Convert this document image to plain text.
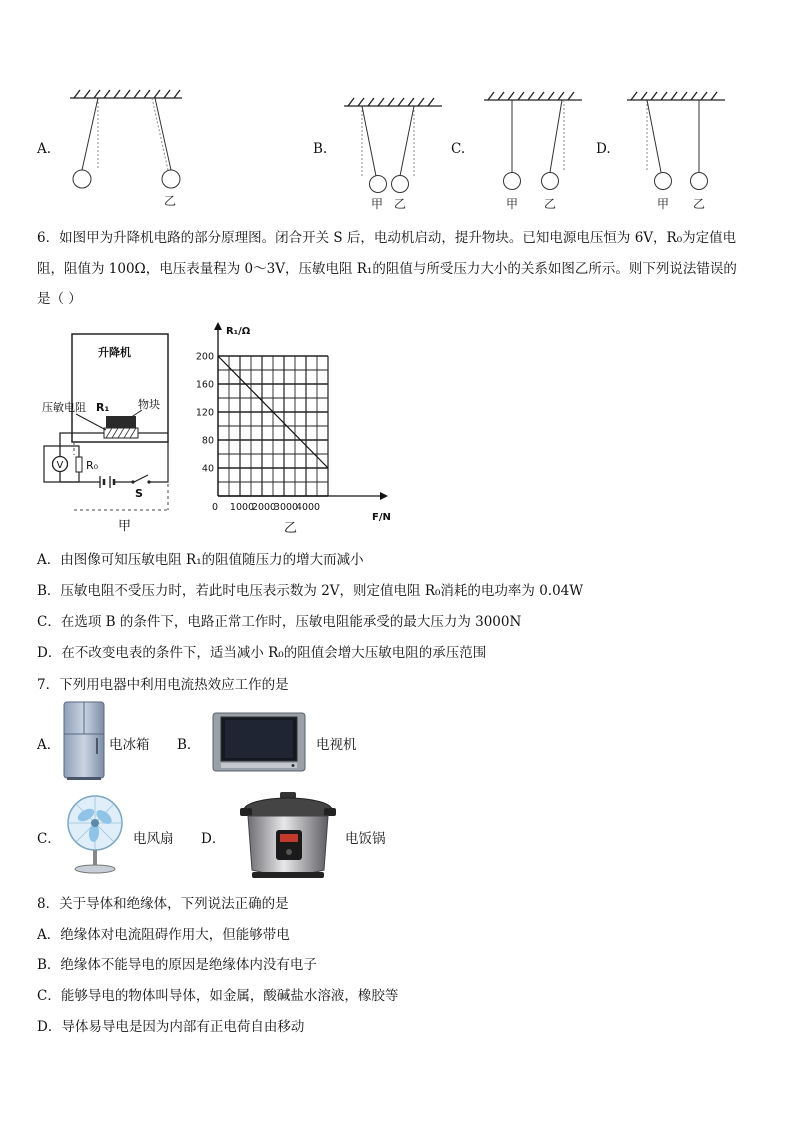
A.	B.	C.	D.
乙	甲 乙	甲 乙	甲 乙
6．如图甲为升降机电路的部分原理图。闭合开关 S 后，电动机启动，提升物块。已知电源电压恒为 6V，R₀为定值电
阻，阻值为 100Ω，电压表量程为 0～3V，压敏电阻 R₁的阻值与所受压力大小的关系如图乙所示。则下列说法错误的
是（ ）
升降机
压敏电阻 R₁	物块
V R₀
S
甲
40
80
120
160
200
0 1000
2000
3000
4000
R₁/Ω
F/N
乙
A．由图像可知压敏电阻 R₁的阻值随压力的增大而减小
B．压敏电阻不受压力时，若此时电压表示数为 2V，则定值电阻 R₀消耗的电功率为 0.04W
C．在选项 B 的条件下，电路正常工作时，压敏电阻能承受的最大压力为 3000N
D．在不改变电表的条件下，适当减小 R₀的阻值会增大压敏电阻的承压范围
7．下列用电器中利用电流热效应工作的是
A．	电冰箱 B．	电视机
C．	电风扇 D．	电饭锅
8．关于导体和绝缘体，下列说法正确的是
A．绝缘体对电流阻碍作用大，但能够带电
B．绝缘体不能导电的原因是绝缘体内没有电子
C．能够导电的物体叫导体，如金属，酸碱盐水溶液，橡胶等
D．导体易导电是因为内部有正电荷自由移动
